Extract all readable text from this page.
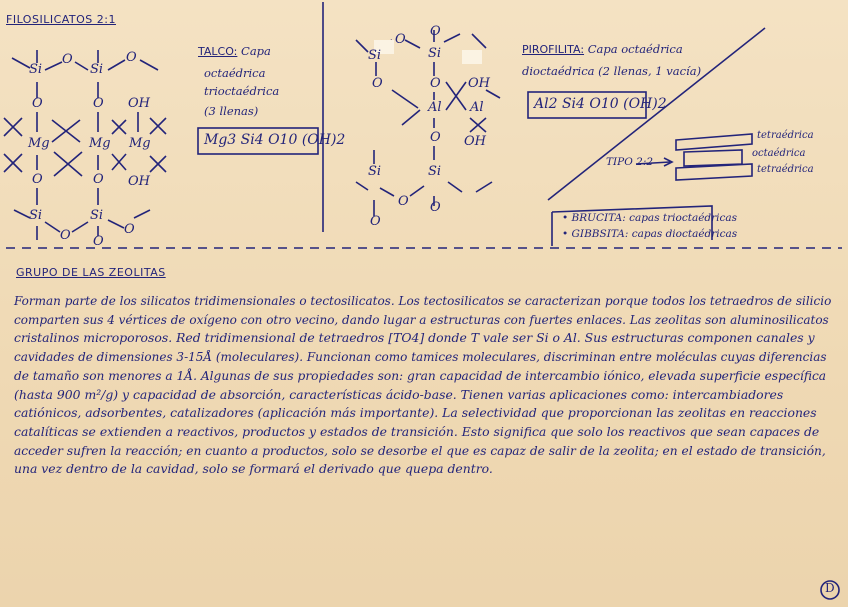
FILOSILICATOS 2:1
Si
O
Si
O
O	O OH
Mg	Mg Mg
O	O OH
Si	Si
O	O
O
TALCO: Capa
octaédrica
trioctaédrica
(3 llenas)
Mg3 Si4 O10 (OH)2
Si
O
Si
O
O	O OH
Al Al
O OH
Si	Si
O O
O
PIROFILITA: Capa octaédrica
dioctaédrica (2 llenas, 1 vacía)
Al2 Si4 O10 (OH)2
TIPO 2:2
tetraédrica
octaédrica
tetraédrica
• BRUCITA: capas trioctaédricas
• GIBBSITA: capas dioctaédricas
GRUPO DE LAS ZEOLITAS

Forman parte de los silicatos tridimensionales o tectosilicatos. Los tectosilicatos se caracterizan porque todos los tetraedros de silicio

comparten sus 4 vértices de oxígeno con otro vecino, dando lugar a estructuras con fuertes enlaces. Las zeolitas son aluminosilicatos

cristalinos microporosos. Red tridimensional de tetraedros [TO4] donde T vale ser Si o Al. Sus estructuras componen canales y

cavidades de dimensiones 3-15Å (moleculares). Funcionan como tamices moleculares, discriminan entre moléculas cuyas diferencias

de tamaño son menores a 1Å. Algunas de sus propiedades son: gran capacidad de intercambio iónico, elevada superficie específica

(hasta 900 m²/g) y capacidad de absorción, características ácido-base. Tienen varias aplicaciones como: intercambiadores

catiónicos, adsorbentes, catalizadores (aplicación más importante). La selectividad que proporcionan las zeolitas en reacciones

catalíticas se extienden a reactivos, productos y estados de transición. Esto significa que solo los reactivos que sean capaces de

acceder sufren la reacción; en cuanto a productos, solo se desorbe el que es capaz de salir de la zeolita; en el estado de transición,

una vez dentro de la cavidad, solo se formará el derivado que quepa dentro.

D
